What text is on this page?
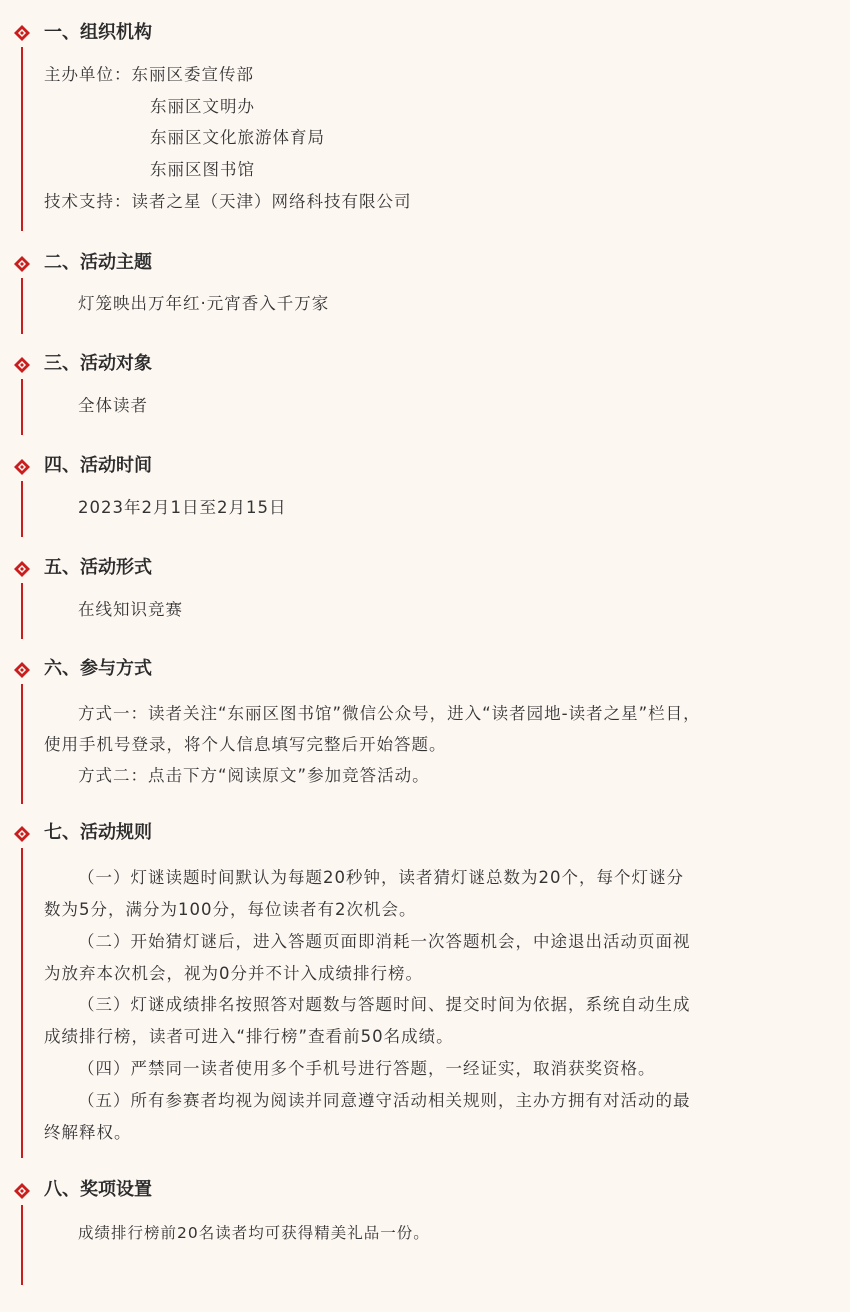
一、组织机构
主办单位：东丽区委宣传部
东丽区文明办
东丽区文化旅游体育局
东丽区图书馆
技术支持：读者之星（天津）网络科技有限公司
二、活动主题
灯笼映出万年红·元宵香入千万家
三、活动对象
全体读者
四、活动时间
2023年2月1日至2月15日
五、活动形式
在线知识竞赛
六、参与方式
方式一：读者关注“东丽区图书馆”微信公众号，进入“读者园地-读者之星”栏目，
使用手机号登录，将个人信息填写完整后开始答题。
方式二：点击下方“阅读原文”参加竞答活动。
七、活动规则
（一）灯谜读题时间默认为每题20秒钟，读者猜灯谜总数为20个，每个灯谜分
数为5分，满分为100分，每位读者有2次机会。
（二）开始猜灯谜后，进入答题页面即消耗一次答题机会，中途退出活动页面视
为放弃本次机会，视为0分并不计入成绩排行榜。
（三）灯谜成绩排名按照答对题数与答题时间、提交时间为依据，系统自动生成
成绩排行榜，读者可进入“排行榜”查看前50名成绩。
（四）严禁同一读者使用多个手机号进行答题，一经证实，取消获奖资格。
（五）所有参赛者均视为阅读并同意遵守活动相关规则，主办方拥有对活动的最
终解释权。
八、奖项设置
成绩排行榜前20名读者均可获得精美礼品一份。
